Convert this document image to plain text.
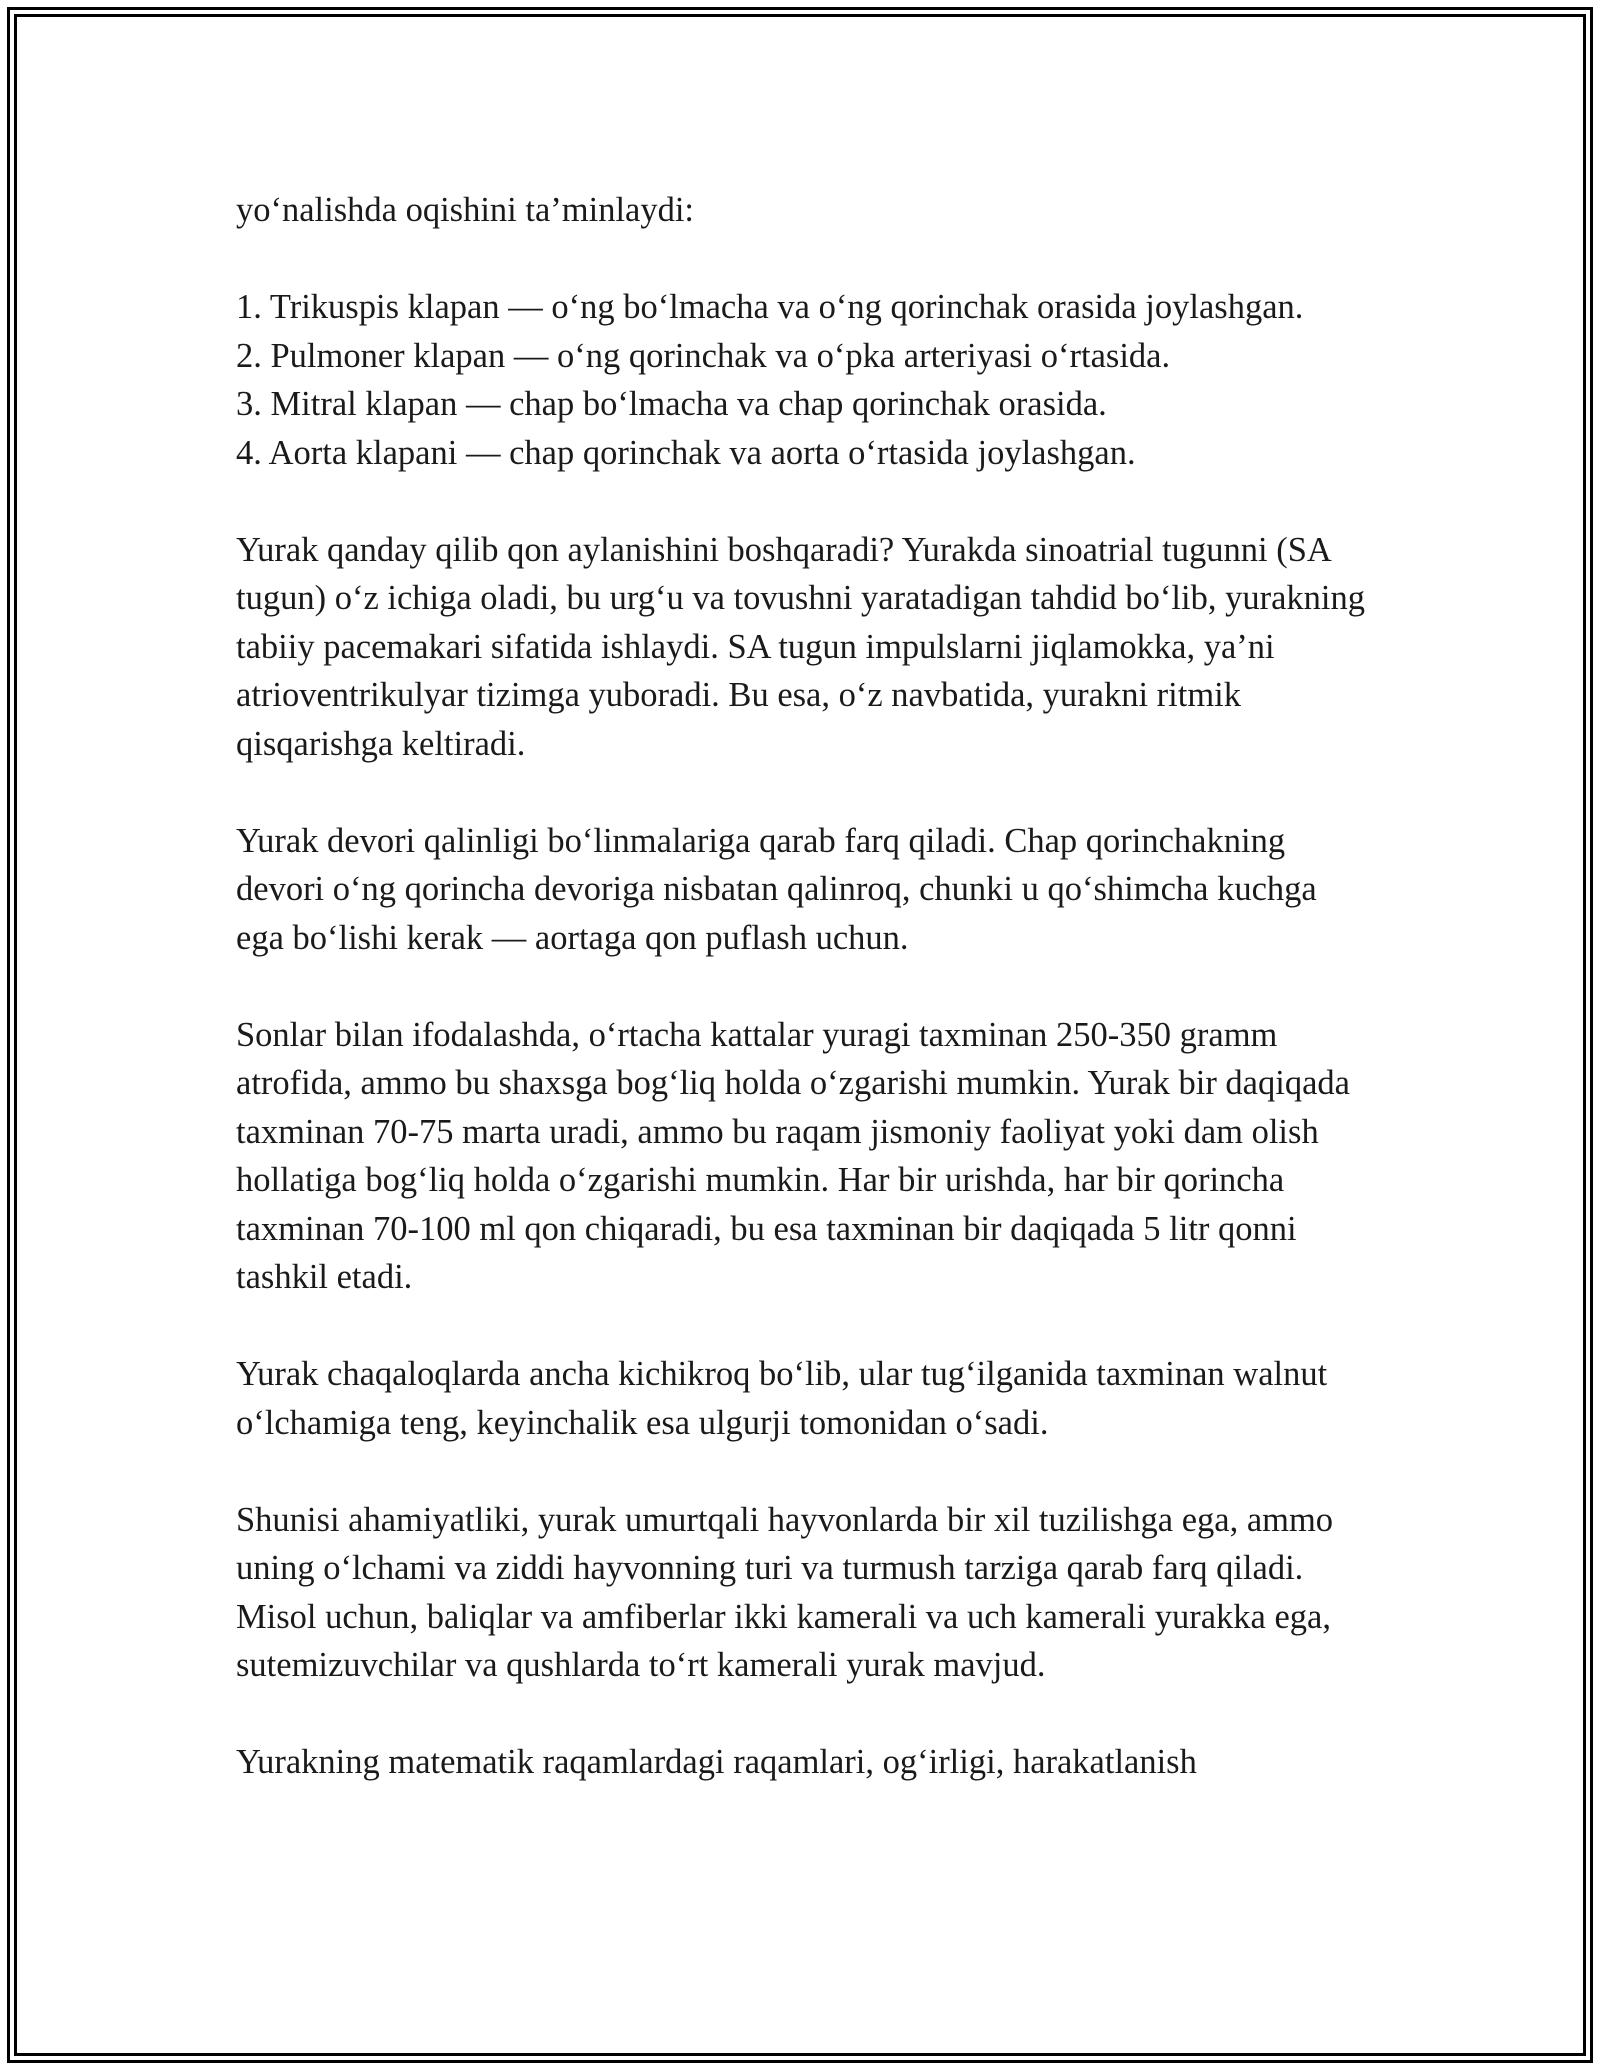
yo‘nalishda oqishini ta’minlaydi:

1. Trikuspis klapan — o‘ng bo‘lmacha va o‘ng qorinchak orasida joylashgan.
2. Pulmoner klapan — o‘ng qorinchak va o‘pka arteriyasi o‘rtasida.
3. Mitral klapan — chap bo‘lmacha va chap qorinchak orasida.
4. Aorta klapani — chap qorinchak va aorta o‘rtasida joylashgan.

Yurak qanday qilib qon aylanishini boshqaradi? Yurakda sinoatrial tugunni (SA tugun) o‘z ichiga oladi, bu urg‘u va tovushni yaratadigan tahdid bo‘lib, yurakning tabiiy pacemakari sifatida ishlaydi. SA tugun impulslarni jiqlamokka, ya’ni atrioventrikulyar tizimga yuboradi. Bu esa, o‘z navbatida, yurakni ritmik qisqarishga keltiradi.

Yurak devori qalinligi bo‘linmalariga qarab farq qiladi. Chap qorinchakning devori o‘ng qorincha devoriga nisbatan qalinroq, chunki u qo‘shimcha kuchga ega bo‘lishi kerak — aortaga qon puflash uchun.

Sonlar bilan ifodalashda, o‘rtacha kattalar yuragi taxminan 250-350 gramm atrofida, ammo bu shaxsga bog‘liq holda o‘zgarishi mumkin. Yurak bir daqiqada taxminan 70-75 marta uradi, ammo bu raqam jismoniy faoliyat yoki dam olish hollatiga bog‘liq holda o‘zgarishi mumkin. Har bir urishda, har bir qorincha taxminan 70-100 ml qon chiqaradi, bu esa taxminan bir daqiqada 5 litr qonni tashkil etadi.

Yurak chaqaloqlarda ancha kichikroq bo‘lib, ular tug‘ilganida taxminan walnut o‘lchamiga teng, keyinchalik esa ulgurji tomonidan o‘sadi.

Shunisi ahamiyatliki, yurak umurtqali hayvonlarda bir xil tuzilishga ega, ammo uning o‘lchami va ziddi hayvonning turi va turmush tarziga qarab farq qiladi. Misol uchun, baliqlar va amfiberlar ikki kamerali va uch kamerali yurakka ega, sutemizuvchilar va qushlarda to‘rt kamerali yurak mavjud.

Yurakning matematik raqamlardagi raqamlari, og‘irligi, harakatlanish
